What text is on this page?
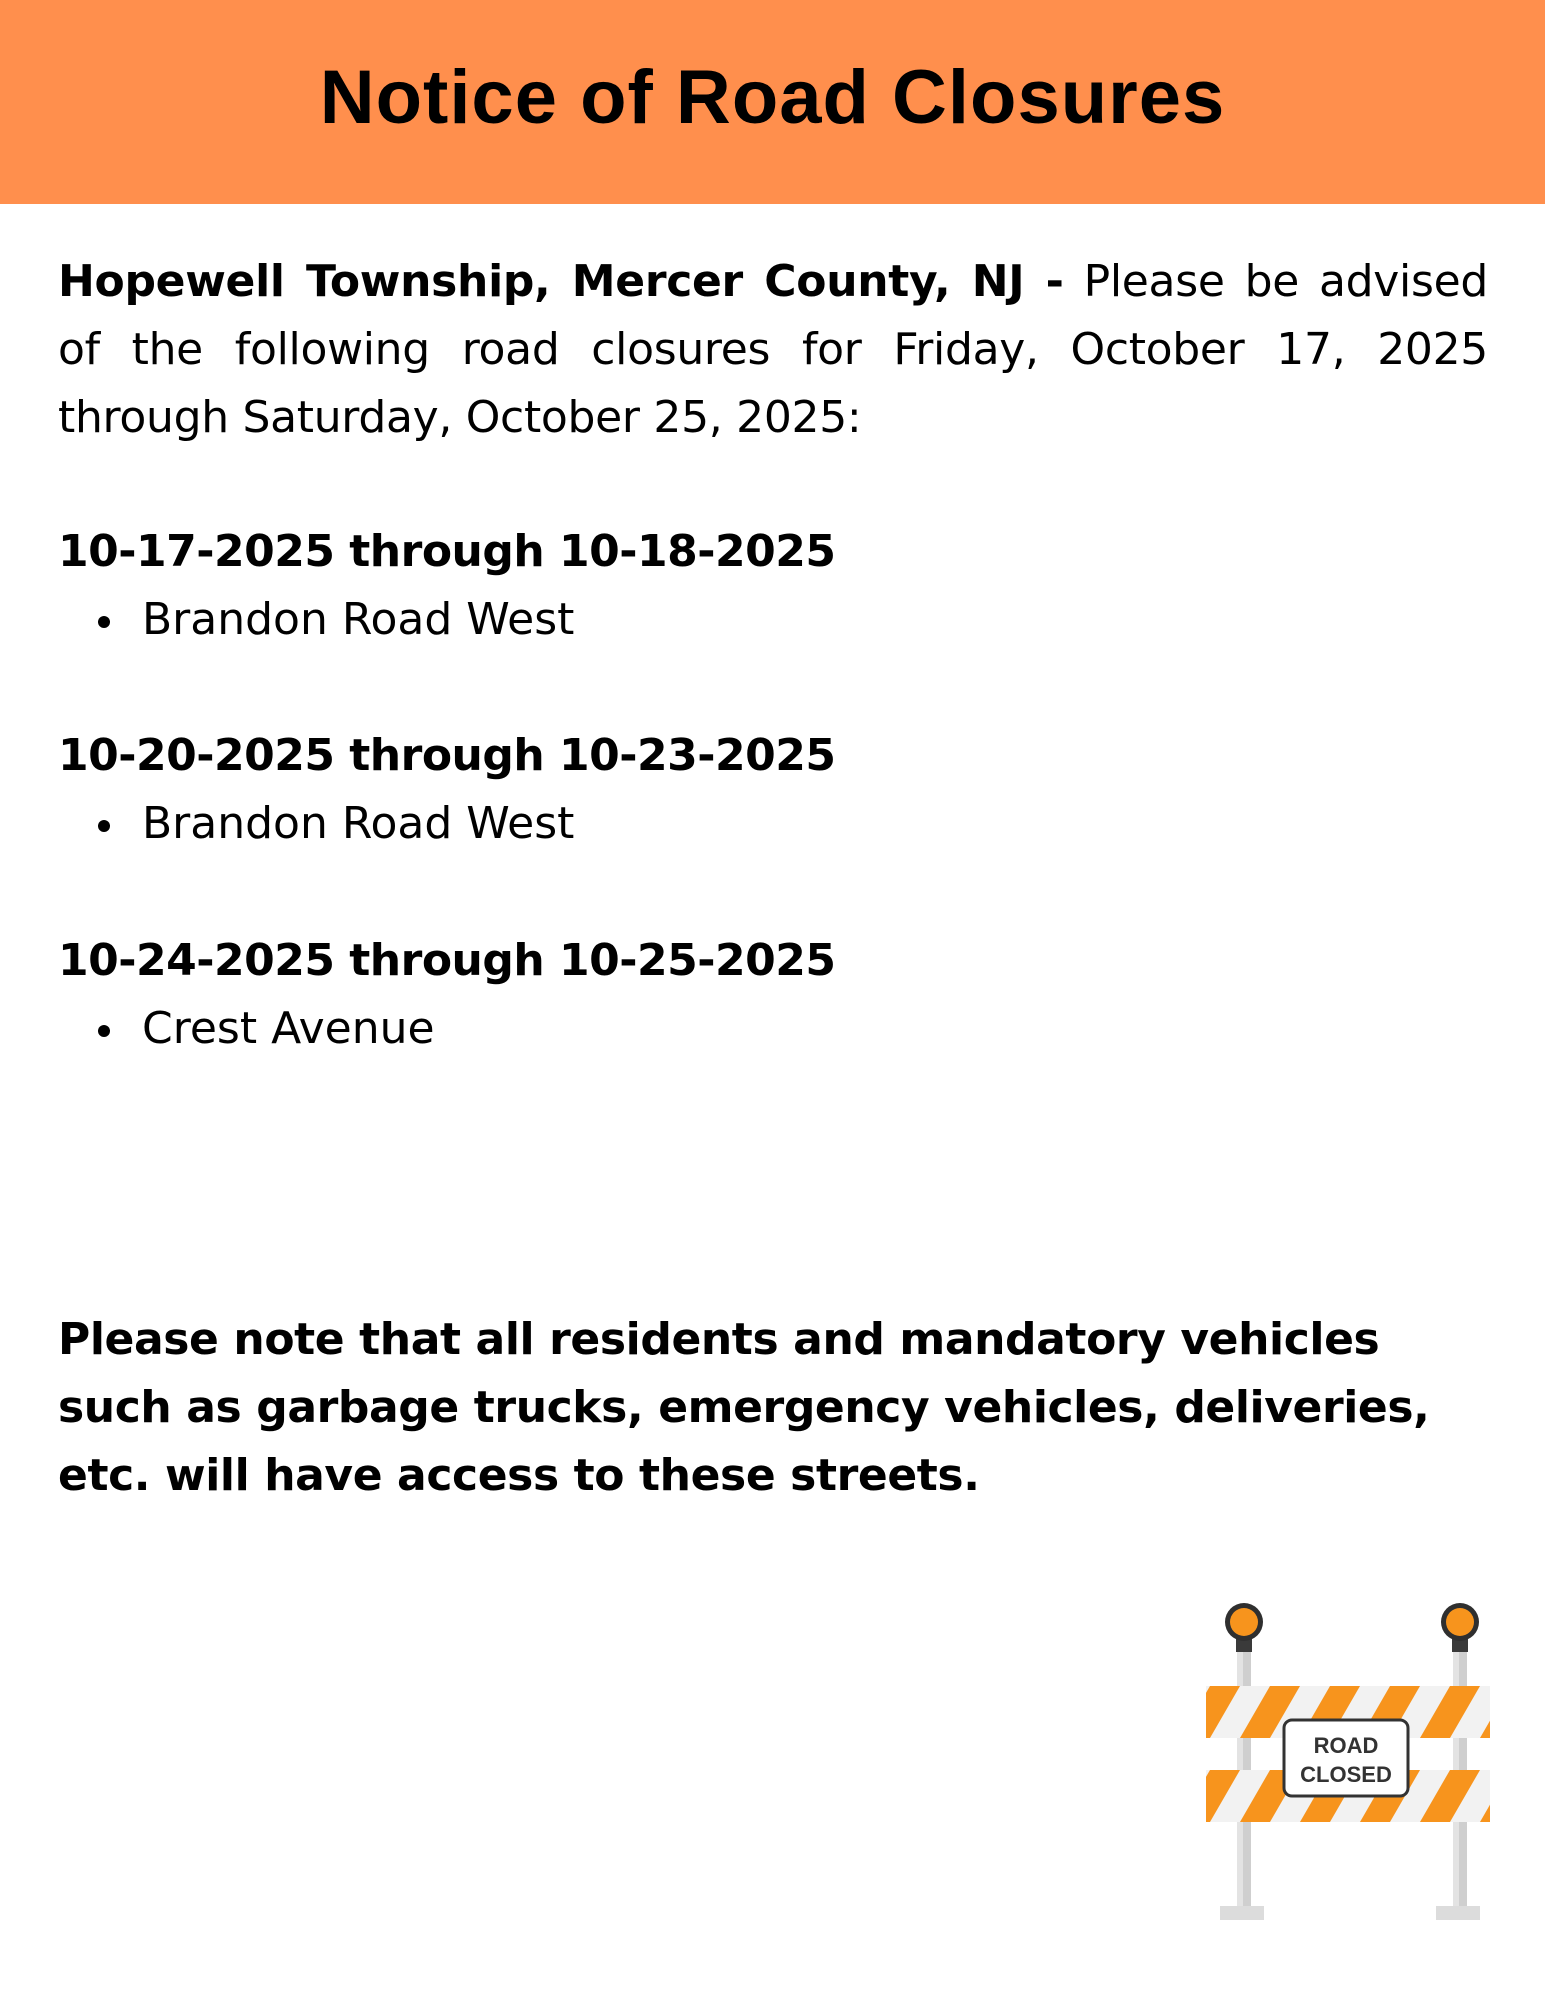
Notice of Road Closures

Hopewell Township, Mercer County, NJ - Please be advised of the following road closures for Friday, October 17, 2025 through Saturday, October 25, 2025:

10-17-2025 through 10-18-2025

Brandon Road West

10-20-2025 through 10-23-2025

Brandon Road West

10-24-2025 through 10-25-2025

Crest Avenue

Please note that all residents and mandatory vehicles such as garbage trucks, emergency vehicles, deliveries, etc. will have access to these streets.

ROAD
CLOSED
